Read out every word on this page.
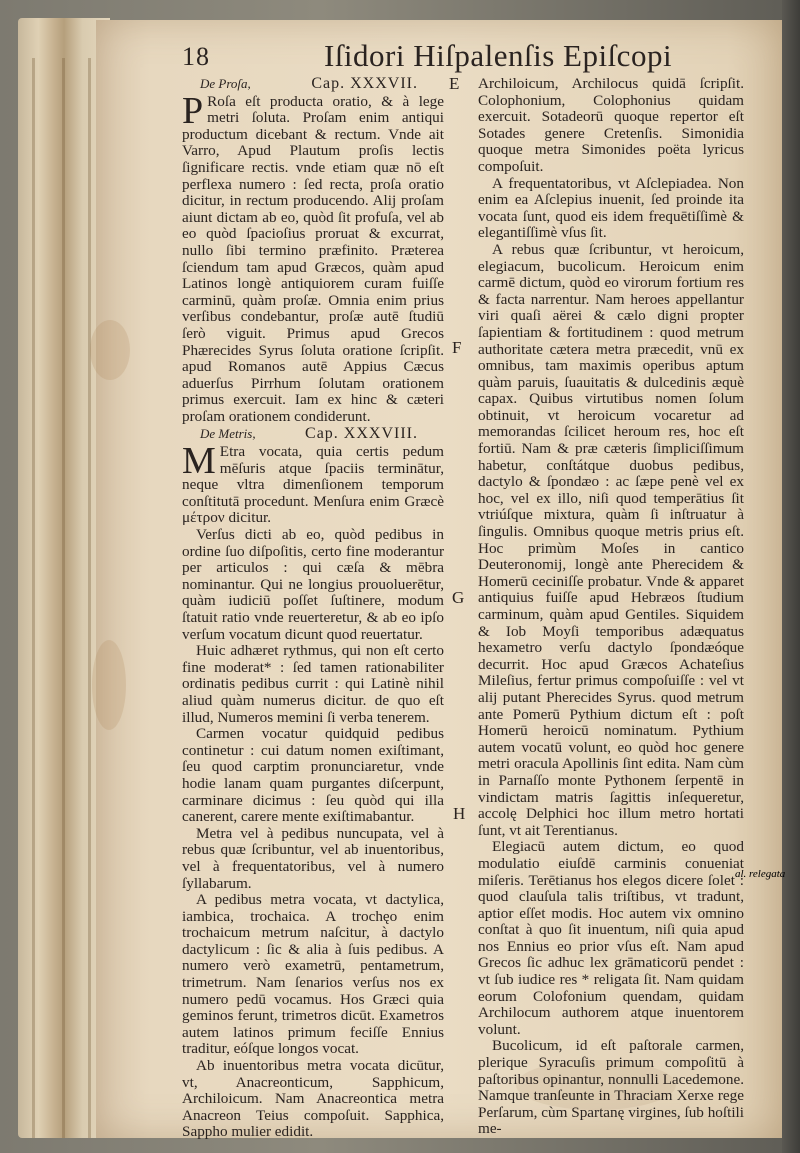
18	Iſidori Hiſpalenſis Epiſcopi
E
F
G
H
De Proſa,	Cap. XXXVII.

P Roſa eſt producta oratio, & à lege metri ſoluta. Proſam enim antiqui productum dicebant & rectum. Vnde ait Varro, Apud Plautum proſis lectis ſignificare rectis. vnde etiam quæ nō eſt perflexa numero : ſed recta, proſa oratio dicitur, in rectum producendo. Alij proſam aiunt dictam ab eo, quòd ſit profuſa, vel ab eo quòd ſpacioſius proruat & excurrat, nullo ſibi termino præfinito. Præterea ſciendum tam apud Græcos, quàm apud Latinos longè antiquiorem curam fuiſſe carminū, quàm proſæ. Omnia enim prius verſibus condebantur, proſæ autē ſtudiū ſerò viguit. Primus apud Grecos Phærecides Syrus ſoluta oratione ſcripſit. apud Romanos autē Appius Cæcus aduerſus Pirrhum ſolutam orationem primus exercuit. Iam ex hinc & cæteri proſam orationem condiderunt.

De Metris,	Cap. XXXVIII.

M Etra vocata, quia certis pedum mēſuris atque ſpaciis terminātur, neque vltra dimenſionem temporum conſtitutā procedunt. Menſura enim Græcè μέτρον dicitur.

Verſus dicti ab eo, quòd pedibus in ordine ſuo diſpoſitis, certo fine moderantur per articulos : qui cæſa & mēbra nominantur. Qui ne longius prouoluerētur, quàm iudiciū poſſet ſuſtinere, modum ſtatuit ratio vnde reuerteretur, & ab eo ipſo verſum vocatum dicunt quod reuertatur.

Huic adhæret rythmus, qui non eſt certo fine moderat* : ſed tamen rationabiliter ordinatis pedibus currit : qui Latinè nihil aliud quàm numerus dicitur. de quo eſt illud, Numeros memini ſi verba tenerem.

Carmen vocatur quidquid pedibus continetur : cui datum nomen exiſtimant, ſeu quod carptim pronunciaretur, vnde hodie lanam quam purgantes diſcerpunt, carminare dicimus : ſeu quòd qui illa canerent, carere mente exiſtimabantur.

Metra vel à pedibus nuncupata, vel à rebus quæ ſcribuntur, vel ab inuentoribus, vel à frequentatoribus, vel à numero ſyllabarum.

A pedibus metra vocata, vt dactylica, iambica, trochaica. A trochęo enim trochaicum metrum naſcitur, à dactylo dactylicum : ſic & alia à ſuis pedibus. A numero verò exametrū, pentametrum, trimetrum. Nam ſenarios verſus nos ex numero pedū vocamus. Hos Græci quia geminos ferunt, trimetros dicūt. Exametros autem latinos primum feciſſe Ennius traditur, eóſque longos vocat.

Ab inuentoribus metra vocata dicūtur, vt, Anacreonticum, Sapphicum, Archiloicum. Nam Anacreontica metra Anacreon Teius compoſuit. Sapphica, Sappho mulier edidit.

Archiloicum, Archilocus quidā ſcripſit. Colophonium, Colophonius quidam exercuit. Sotadeorū quoque repertor eſt Sotades genere Cretenſis. Simonidia quoque metra Simonides poëta lyricus compoſuit.

A frequentatoribus, vt Aſclepiadea. Non enim ea Aſclepius inuenit, ſed proinde ita vocata ſunt, quod eis idem frequētiſſimè & elegantiſſimè vſus ſit.

A rebus quæ ſcribuntur, vt heroicum, elegiacum, bucolicum. Heroicum enim carmē dictum, quòd eo virorum fortium res & facta narrentur. Nam heroes appellantur viri quaſi aërei & cælo digni propter ſapientiam & fortitudinem : quod metrum authoritate cætera metra præcedit, vnū ex omnibus, tam maximis operibus aptum quàm paruis, ſuauitatis & dulcedinis æquè capax. Quibus virtutibus nomen ſolum obtinuit, vt heroicum vocaretur ad memorandas ſcilicet heroum res, hoc eſt fortiū. Nam & præ cæteris ſimpliciſſimum habetur, conſtátque duobus pedibus, dactylo & ſpondæo : ac ſæpe penè vel ex hoc, vel ex illo, niſi quod temperātius ſit vtriúſque mixtura, quàm ſi inſtruatur à ſingulis. Omnibus quoque metris prius eſt. Hoc primùm Moſes in cantico Deuteronomij, longè ante Pherecidem & Homerū ceciniſſe probatur. Vnde & apparet antiquius fuiſſe apud Hebræos ſtudium carminum, quàm apud Gentiles. Siquidem & Iob Moyſi temporibus adæquatus hexametro verſu dactylo ſpondæóque decurrit. Hoc apud Græcos Achateſius Mileſius, fertur primus compoſuiſſe : vel vt alij putant Pherecides Syrus. quod metrum ante Pomerū Pythium dictum eſt : poſt Homerū heroicū nominatum. Pythium autem vocatū volunt, eo quòd hoc genere metri oracula Apollinis ſint edita. Nam cùm in Parnaſſo monte Pythonem ſerpentē in vindictam matris ſagittis inſequeretur, accolę Delphici hoc illum metro hortati ſunt, vt ait Terentianus.

Elegiacū autem dictum, eo quod modulatio eiuſdē carminis conueniat miſeris. Terētianus hos elegos dicere ſolet : quod clauſula talis triſtibus, vt tradunt, aptior eſſet modis. Hoc autem vix omnino conſtat à quo ſit inuentum, niſi quia apud nos Ennius eo prior vſus eſt. Nam apud Grecos ſic adhuc lex grāmaticorū pendet : vt ſub iudice res * religata ſit. Nam quidam eorum Colofonium quendam, quidam Archilocum authorem atque inuentorem volunt.

Bucolicum, id eſt paſtorale carmen, plerique Syracuſis primum compoſitū à paſtoribus opinantur, nonnulli Lacedemone. Namque tranſeunte in Thraciam Xerxe rege Perſarum, cùm Spartanę virgines, ſub hoſtili me-

al. relegata
